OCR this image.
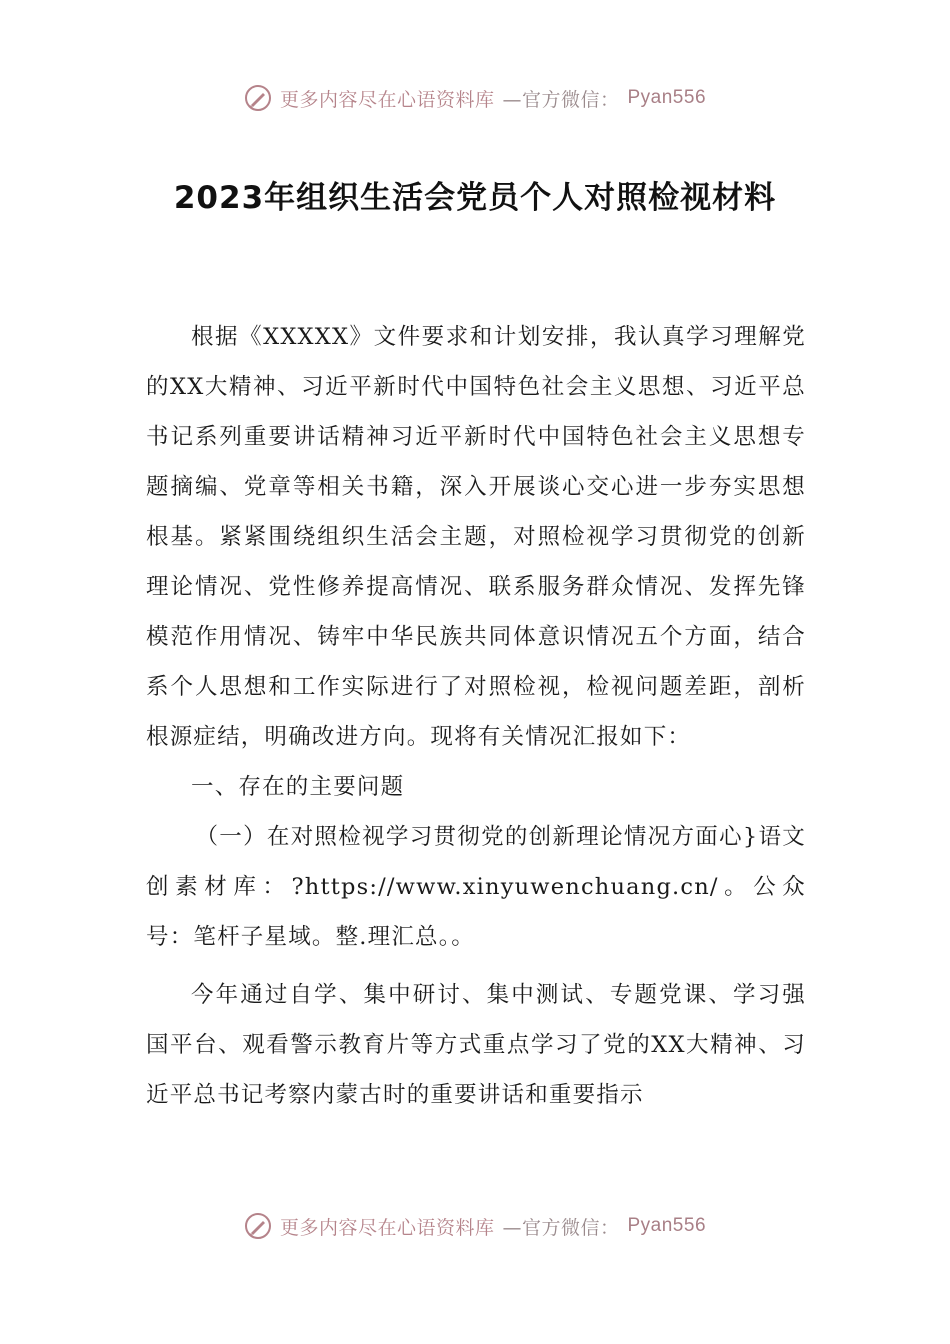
更多内容尽在心语资料库 —官方微信： Pyan556
2023年组织生活会党员个人对照检视材料

根据《XXXXX》文件要求和计划安排，我认真学习理解党的XX大精神、习近平新时代中国特色社会主义思想、习近平总书记系列重要讲话精神习近平新时代中国特色社会主义思想专题摘编、党章等相关书籍，深入开展谈心交心进一步夯实思想根基。紧紧围绕组织生活会主题，对照检视学习贯彻党的创新理论情况、党性修养提高情况、联系服务群众情况、发挥先锋模范作用情况、铸牢中华民族共同体意识情况五个方面，结合系个人思想和工作实际进行了对照检视，检视问题差距，剖析根源症结，明确改进方向。现将有关情况汇报如下：

一、存在的主要问题

（一）在对照检视学习贯彻党的创新理论情况方面心}语文创素材库：?https://www.xinyuwenchuang.cn/。公众号：笔杆子星域。整.理汇总。。

今年通过自学、集中研讨、集中测试、专题党课、学习强国平台、观看警示教育片等方式重点学习了党的XX大精神、习近平总书记考察内蒙古时的重要讲话和重要指示

更多内容尽在心语资料库 —官方微信： Pyan556
